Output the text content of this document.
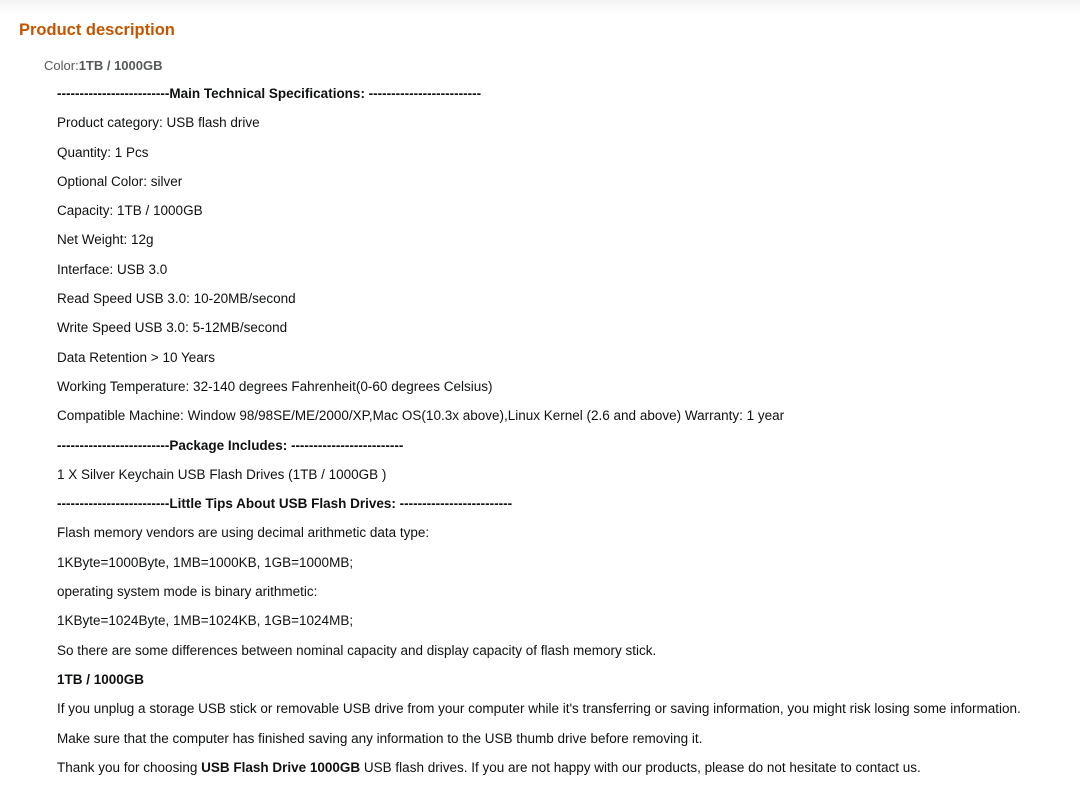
Product description
Color:1TB / 1000GB

-------------------------Main Technical Specifications: -------------------------

Product category: USB flash drive

Quantity: 1 Pcs

Optional Color: silver

Capacity: 1TB / 1000GB

Net Weight: 12g

Interface: USB 3.0

Read Speed USB 3.0: 10-20MB/second

Write Speed USB 3.0: 5-12MB/second

Data Retention > 10 Years

Working Temperature: 32-140 degrees Fahrenheit(0-60 degrees Celsius)

Compatible Machine: Window 98/98SE/ME/2000/XP,Mac OS(10.3x above),Linux Kernel (2.6 and above) Warranty: 1 year

-------------------------Package Includes: -------------------------

1 X Silver Keychain USB Flash Drives (1TB / 1000GB )

-------------------------Little Tips About USB Flash Drives: -------------------------

Flash memory vendors are using decimal arithmetic data type:

1KByte=1000Byte, 1MB=1000KB, 1GB=1000MB;

operating system mode is binary arithmetic:

1KByte=1024Byte, 1MB=1024KB, 1GB=1024MB;

So there are some differences between nominal capacity and display capacity of flash memory stick.

1TB / 1000GB

If you unplug a storage USB stick or removable USB drive from your computer while it's transferring or saving information, you might risk losing some information.

Make sure that the computer has finished saving any information to the USB thumb drive before removing it.

Thank you for choosing USB Flash Drive 1000GB USB flash drives. If you are not happy with our products, please do not hesitate to contact us.
